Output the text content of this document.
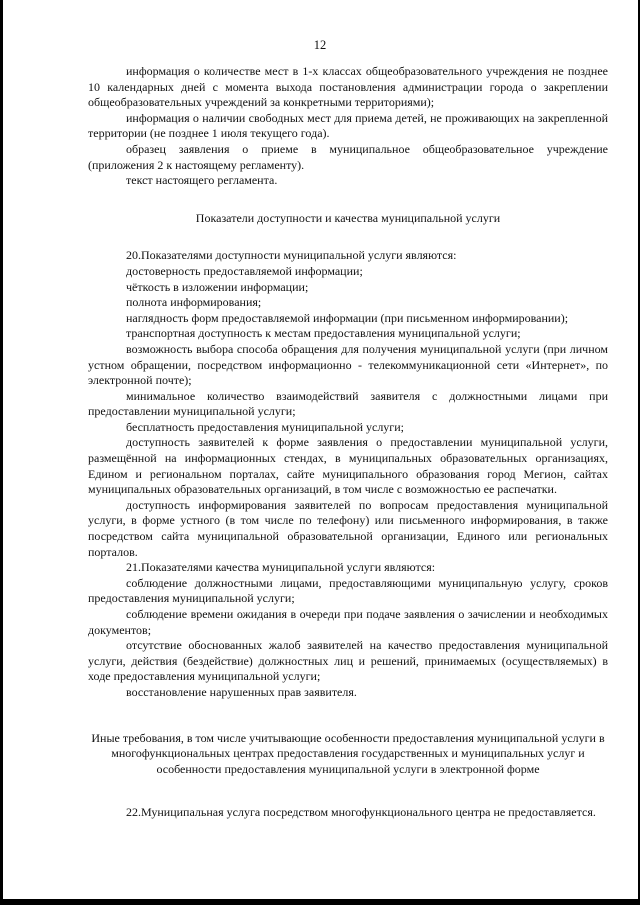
12

информация о количестве мест в 1-х классах общеобразовательного учреждения не позднее 10 календарных дней с момента выхода постановления администрации города о закреплении общеобразовательных учреждений за конкретными территориями);

информация о наличии свободных мест для приема детей, не проживающих на закрепленной территории (не позднее 1 июля текущего года).

образец заявления о приеме в муниципальное общеобразовательное учреждение (приложения 2 к настоящему регламенту).

текст настоящего регламента.

Показатели доступности и качества муниципальной услуги

20.Показателями доступности муниципальной услуги являются:

достоверность предоставляемой информации;

чёткость в изложении информации;

полнота информирования;

наглядность форм предоставляемой информации (при письменном информировании);

транспортная доступность к местам предоставления муниципальной услуги;

возможность выбора способа обращения для получения муниципальной услуги (при личном устном обращении, посредством информационно - телекоммуникационной сети «Интернет», по электронной почте);

минимальное количество взаимодействий заявителя с должностными лицами при предоставлении муниципальной услуги;

бесплатность предоставления муниципальной услуги;

доступность заявителей к форме заявления о предоставлении муниципальной услуги, размещённой на информационных стендах, в муниципальных образовательных организациях, Едином и региональном порталах, сайте муниципального образования город Мегион, сайтах муниципальных образовательных организаций, в том числе с возможностью ее распечатки.

доступность информирования заявителей по вопросам предоставления муниципальной услуги, в форме устного (в том числе по телефону) или письменного информирования, в также посредством сайта муниципальной образовательной организации, Единого или региональных порталов.

21.Показателями качества муниципальной услуги являются:

соблюдение должностными лицами, предоставляющими муниципальную услугу, сроков предоставления муниципальной услуги;

соблюдение времени ожидания в очереди при подаче заявления о зачислении и необходимых документов;

отсутствие обоснованных жалоб заявителей на качество предоставления муниципальной услуги, действия (бездействие) должностных лиц и решений, принимаемых (осуществляемых) в ходе предоставления муниципальной услуги;

восстановление нарушенных прав заявителя.

Иные требования, в том числе учитывающие особенности предоставления муниципальной услуги в многофункциональных центрах предоставления государственных и муниципальных услуг и особенности предоставления муниципальной услуги в электронной форме

22.Муниципальная услуга посредством многофункционального центра не предоставляется.
